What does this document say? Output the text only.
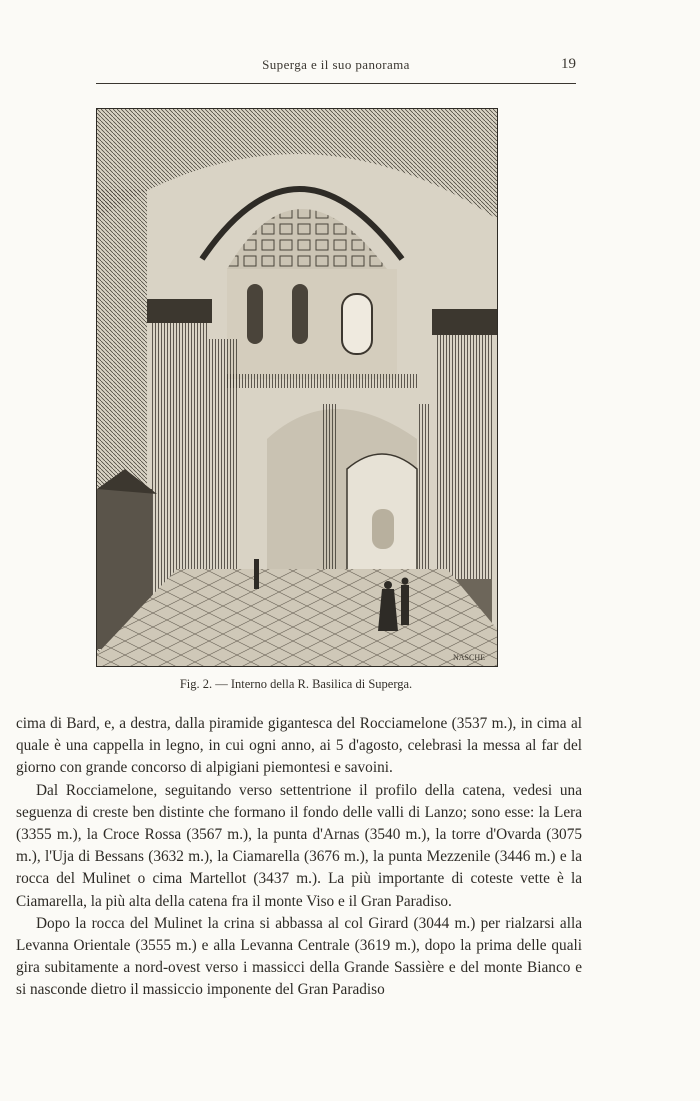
Superga e il suo panorama	19
NASCHE
Fig. 2. — Interno della R. Basilica di Superga.

cima di Bard, e, a destra, dalla piramide gigantesca del Rocciamelone (3537 m.), in cima al quale è una cappella in legno, in cui ogni anno, ai 5 d'agosto, celebrasi la messa al far del giorno con grande concorso di alpigiani piemontesi e savoini.

Dal Rocciamelone, seguitando verso settentrione il profilo della catena, vedesi una seguenza di creste ben distinte che formano il fondo delle valli di Lanzo; sono esse: la Lera (3355 m.), la Croce Rossa (3567 m.), la punta d'Arnas (3540 m.), la torre d'Ovarda (3075 m.), l'Uja di Bessans (3632 m.), la Ciamarella (3676 m.), la punta Mezzenile (3446 m.) e la rocca del Mulinet o cima Martellot (3437 m.). La più importante di coteste vette è la Ciamarella, la più alta della catena fra il monte Viso e il Gran Paradiso.

Dopo la rocca del Mulinet la crina si abbassa al col Girard (3044 m.) per rialzarsi alla Levanna Orientale (3555 m.) e alla Levanna Centrale (3619 m.), dopo la prima delle quali gira subitamente a nord-ovest verso i massicci della Grande Sassière e del monte Bianco e si nasconde dietro il massiccio imponente del Gran Paradiso
